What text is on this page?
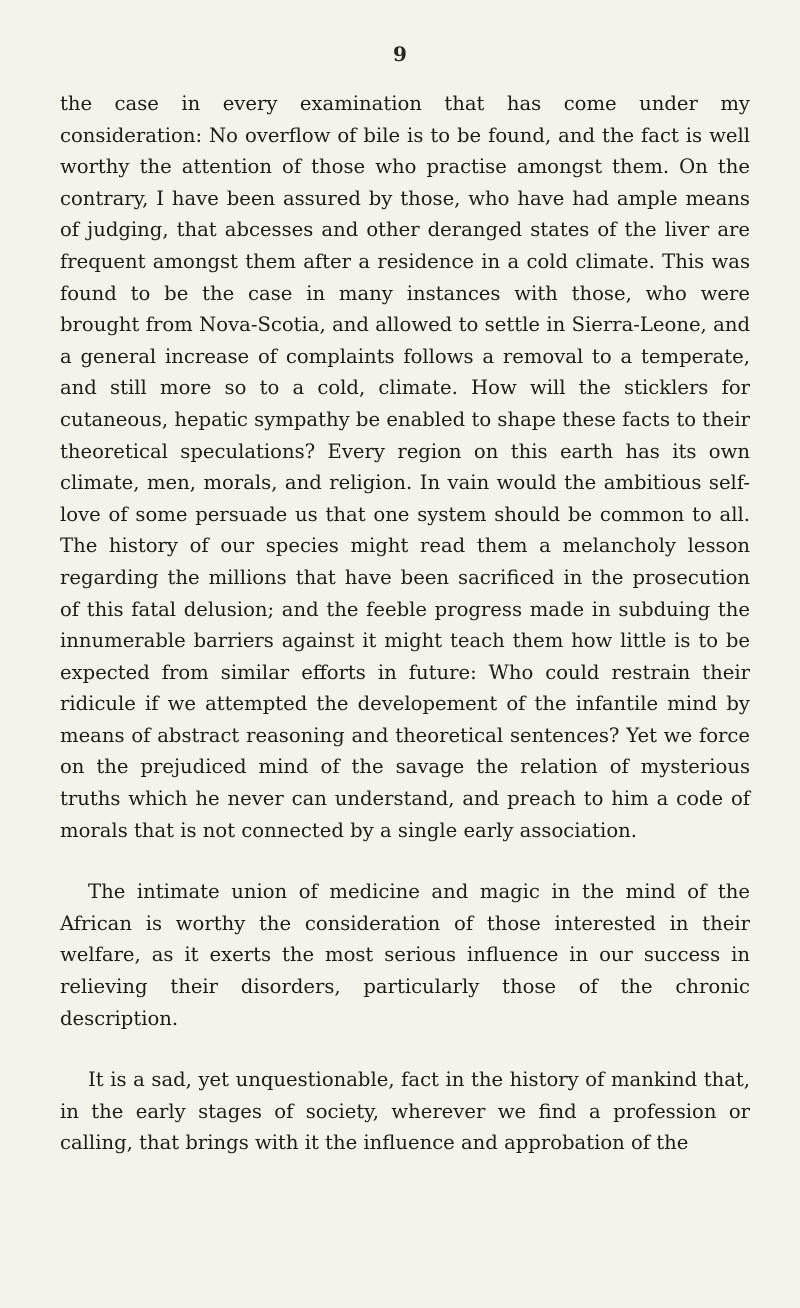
9

the case in every examination that has come under my consideration: No overflow of bile is to be found, and the fact is well worthy the attention of those who practise amongst them. On the contrary, I have been assured by those, who have had ample means of judging, that abcesses and other deranged states of the liver are frequent amongst them after a residence in a cold climate. This was found to be the case in many instances with those, who were brought from Nova-Scotia, and allowed to settle in Sierra-Leone, and a general increase of complaints follows a removal to a temperate, and still more so to a cold, climate. How will the sticklers for cutaneous, hepatic sympathy be enabled to shape these facts to their theoretical speculations? Every region on this earth has its own climate, men, morals, and religion. In vain would the ambitious self-love of some persuade us that one system should be common to all. The history of our species might read them a melancholy lesson regarding the millions that have been sacrificed in the prosecution of this fatal delusion; and the feeble progress made in subduing the innumerable barriers against it might teach them how little is to be expected from similar efforts in future: Who could restrain their ridicule if we attempted the developement of the infantile mind by means of abstract reasoning and theoretical sentences? Yet we force on the prejudiced mind of the savage the relation of mysterious truths which he never can understand, and preach to him a code of morals that is not connected by a single early association.

The intimate union of medicine and magic in the mind of the African is worthy the consideration of those interested in their welfare, as it exerts the most serious influence in our success in relieving their disorders, particularly those of the chronic description.

It is a sad, yet unquestionable, fact in the history of mankind that, in the early stages of society, wherever we find a profession or calling, that brings with it the influence and approbation of the
